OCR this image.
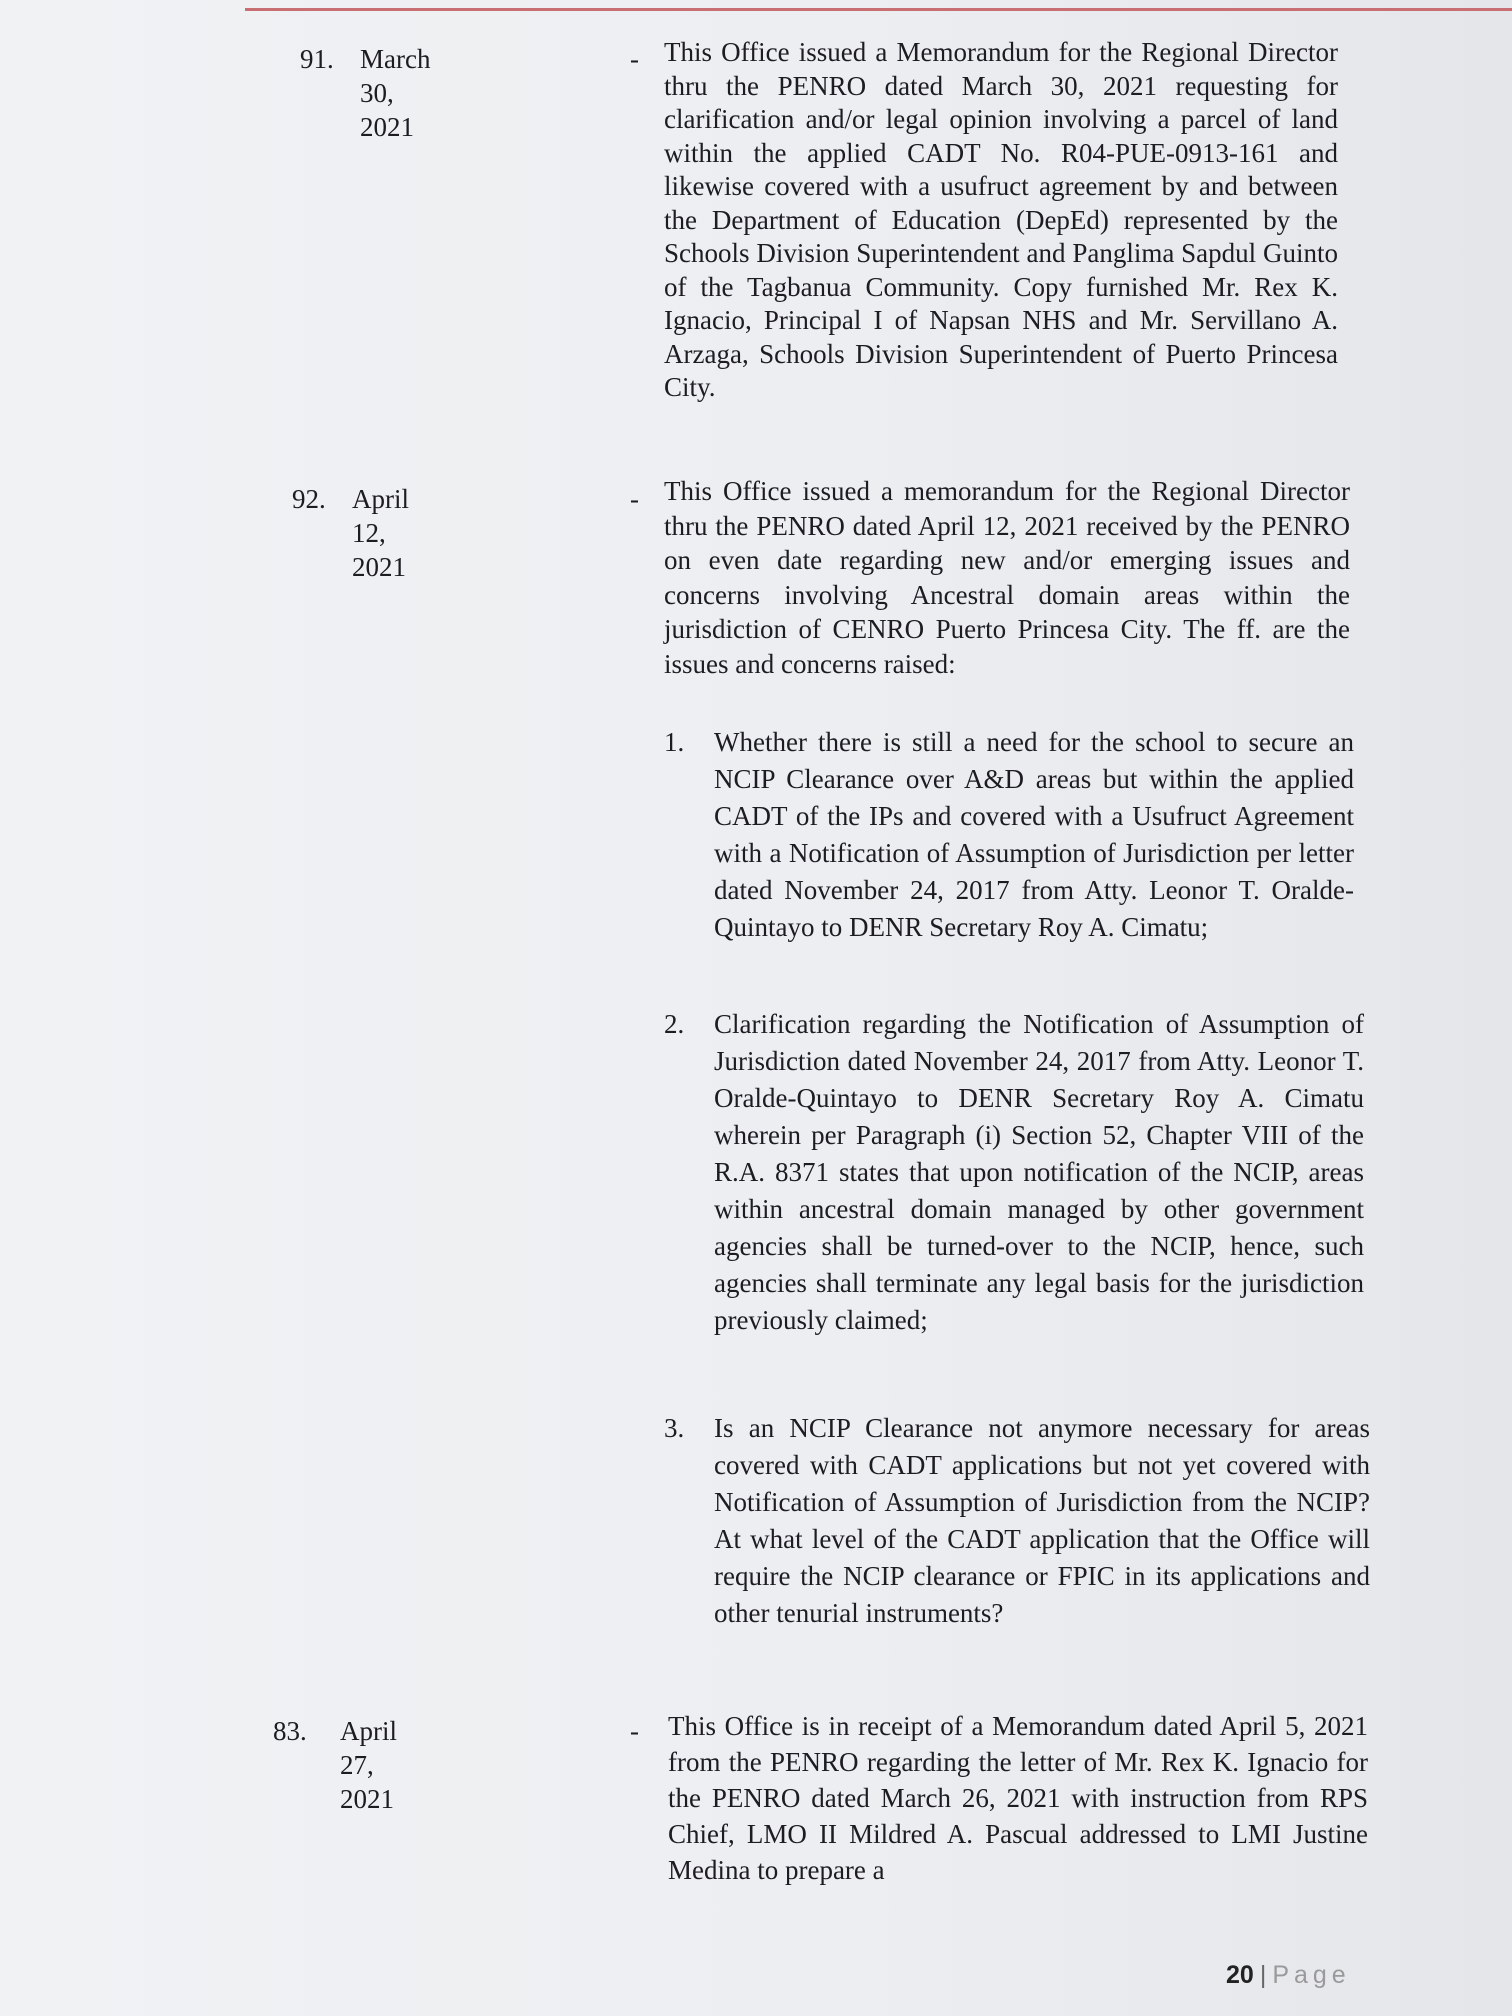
91. March 30, 2021
- This Office issued a Memorandum for the Regional Director thru the PENRO dated March 30, 2021 requesting for clarification and/or legal opinion involving a parcel of land within the applied CADT No. R04-PUE-0913-161 and likewise covered with a usufruct agreement by and between the Department of Education (DepEd) represented by the Schools Division Superintendent and Panglima Sapdul Guinto of the Tagbanua Community. Copy furnished Mr. Rex K. Ignacio, Principal I of Napsan NHS and Mr. Servillano A. Arzaga, Schools Division Superintendent of Puerto Princesa City.
92. April 12, 2021
- This Office issued a memorandum for the Regional Director thru the PENRO dated April 12, 2021 received by the PENRO on even date regarding new and/or emerging issues and concerns involving Ancestral domain areas within the jurisdiction of CENRO Puerto Princesa City. The ff. are the issues and concerns raised:
1. Whether there is still a need for the school to secure an NCIP Clearance over A&D areas but within the applied CADT of the IPs and covered with a Usufruct Agreement with a Notification of Assumption of Jurisdiction per letter dated November 24, 2017 from Atty. Leonor T. Oralde-Quintayo to DENR Secretary Roy A. Cimatu;
2. Clarification regarding the Notification of Assumption of Jurisdiction dated November 24, 2017 from Atty. Leonor T. Oralde-Quintayo to DENR Secretary Roy A. Cimatu wherein per Paragraph (i) Section 52, Chapter VIII of the R.A. 8371 states that upon notification of the NCIP, areas within ancestral domain managed by other government agencies shall be turned-over to the NCIP, hence, such agencies shall terminate any legal basis for the jurisdiction previously claimed;
3. Is an NCIP Clearance not anymore necessary for areas covered with CADT applications but not yet covered with Notification of Assumption of Jurisdiction from the NCIP? At what level of the CADT application that the Office will require the NCIP clearance or FPIC in its applications and other tenurial instruments?
83. April 27, 2021
- This Office is in receipt of a Memorandum dated April 5, 2021 from the PENRO regarding the letter of Mr. Rex K. Ignacio for the PENRO dated March 26, 2021 with instruction from RPS Chief, LMO II Mildred A. Pascual addressed to LMI Justine Medina to prepare a
20 | Page
